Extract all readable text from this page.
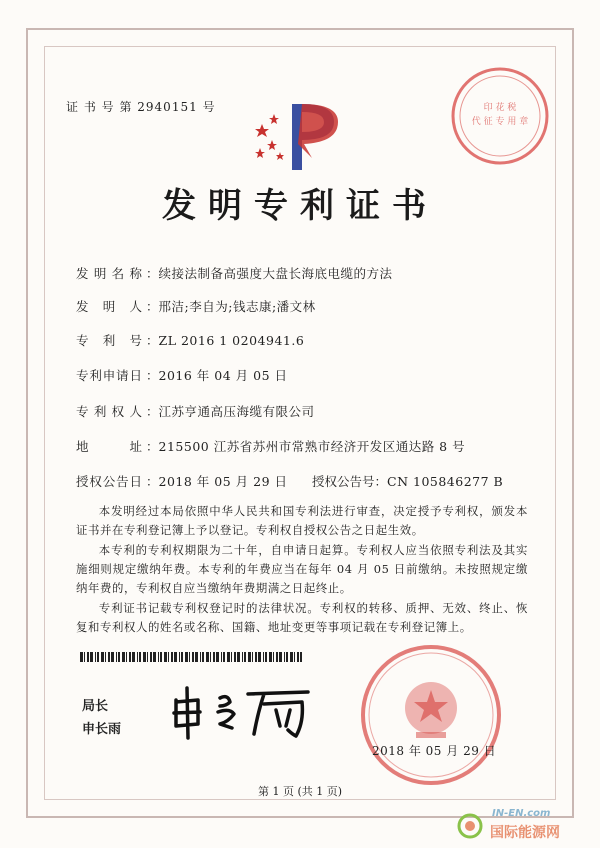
证 书 号 第 2940151 号	印 花 税
代 征 专 用 章
发明专利证书
发 明 名 称 ：续接法制备高强度大盘长海底电缆的方法
发 明 人 ：邢洁;李自为;钱志康;潘文林
专 利 号 ：ZL 2016 1 0204941.6
专 利 申 请 日 ：2016 年 04 月 05 日
专 利 权 人 ：江苏亨通高压海缆有限公司
地	址 ：215500 江苏省苏州市常熟市经济开发区通达路 8 号
授 权 公 告 日 ：2018 年 05 月 29 日 授权公告号：CN 105846277 B
本发明经过本局依照中华人民共和国专利法进行审查，决定授予专利权，颁发本证书并在专利登记簿上予以登记。专利权自授权公告之日起生效。
本专利的专利权期限为二十年，自申请日起算。专利权人应当依照专利法及其实施细则规定缴纳年费。本专利的年费应当在每年 04 月 05 日前缴纳。未按照规定缴纳年费的，专利权自应当缴纳年费期满之日起终止。
专利证书记载专利权登记时的法律状况。专利权的转移、质押、无效、终止、恢复和专利权人的姓名或名称、国籍、地址变更等事项记载在专利登记簿上。
局长
申长雨
2018 年 05 月 29 日
第 1 页 (共 1 页)
IN-EN.com
国际能源网
